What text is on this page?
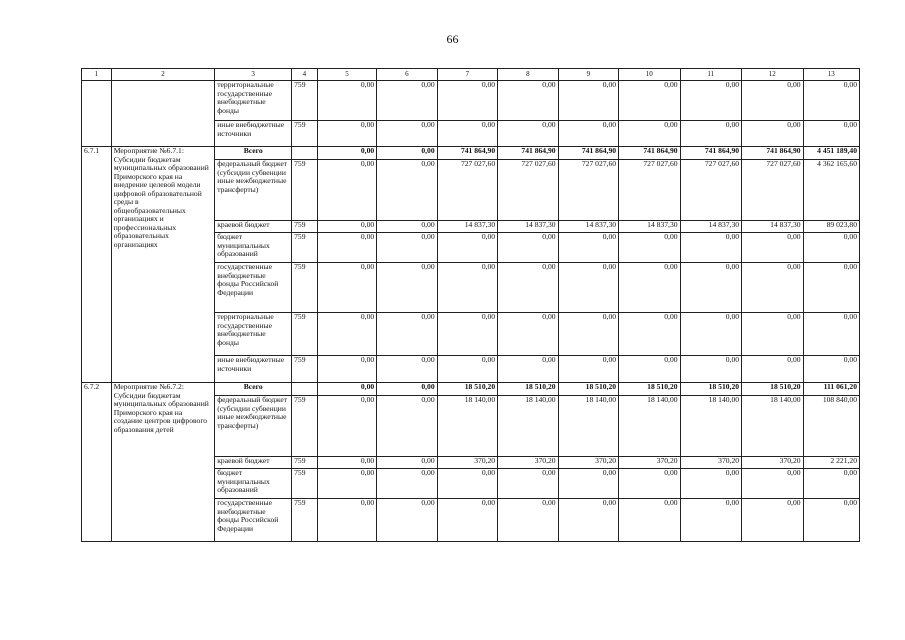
66
1	2	3	4	5	6	7	8	9	10	11	12	13
		территориальные государственные внебюджетные фонды	759	0,00	0,00	0,00	0,00	0,00	0,00	0,00	0,00	0,00
		иные внебюджетные источники	759	0,00	0,00	0,00	0,00	0,00	0,00	0,00	0,00	0,00
6.7.1	Мероприятие №6.7.1: Субсидии бюджетам муниципальных образований Приморского края на внедрение целевой модели цифровой образовательной среды в общеобразовательных организациях и профессиональных образовательных организациях	Всего		0,00	0,00	741 864,90	741 864,90	741 864,90	741 864,90	741 864,90	741 864,90	4 451 189,40
		федеральный бюджет (субсидии субвенции иные межбюджетные трансферты)	759	0,00	0,00	727 027,60	727 027,60	727 027,60	727 027,60	727 027,60	727 027,60	4 362 165,60
		краевой бюджет	759	0,00	0,00	14 837,30	14 837,30	14 837,30	14 837,30	14 837,30	14 837,30	89 023,80
		бюджет муниципальных образований	759	0,00	0,00	0,00	0,00	0,00	0,00	0,00	0,00	0,00
		государственные внебюджетные фонды Российской Федерации	759	0,00	0,00	0,00	0,00	0,00	0,00	0,00	0,00	0,00
		территориальные государственные внебюджетные фонды	759	0,00	0,00	0,00	0,00	0,00	0,00	0,00	0,00	0,00
		иные внебюджетные источники	759	0,00	0,00	0,00	0,00	0,00	0,00	0,00	0,00	0,00
6.7.2	Мероприятие №6.7.2: Субсидии бюджетам муниципальных образований Приморского края на создание центров цифрового образования детей	Всего		0,00	0,00	18 510,20	18 510,20	18 510,20	18 510,20	18 510,20	18 510,20	111 061,20
		федеральный бюджет (субсидии субвенции иные межбюджетные трансферты)	759	0,00	0,00	18 140,00	18 140,00	18 140,00	18 140,00	18 140,00	18 140,00	108 840,00
		краевой бюджет	759	0,00	0,00	370,20	370,20	370,20	370,20	370,20	370,20	2 221,20
		бюджет муниципальных образований	759	0,00	0,00	0,00	0,00	0,00	0,00	0,00	0,00	0,00
		государственные внебюджетные фонды Российской Федерации	759	0,00	0,00	0,00	0,00	0,00	0,00	0,00	0,00	0,00
